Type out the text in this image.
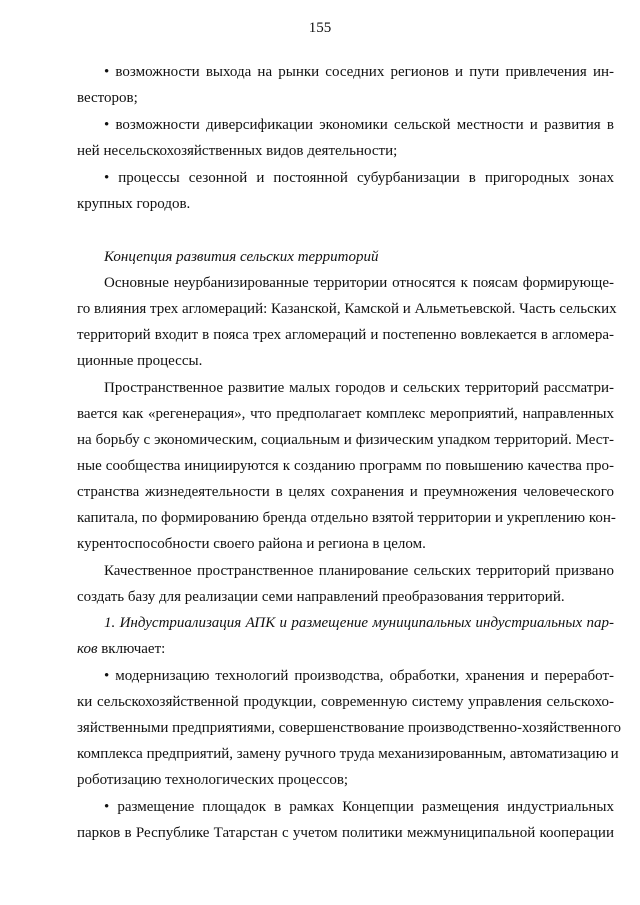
155
• возможности выхода на рынки соседних регионов и пути привлечения ин-
весторов;
• возможности диверсификации экономики сельской местности и развития в
ней несельскохозяйственных видов деятельности;
• процессы сезонной и постоянной субурбанизации в пригородных зонах
крупных городов.
Концепция развития сельских территорий
Основные неурбанизированные территории относятся к поясам формирующе-
го влияния трех агломераций: Казанской, Камской и Альметьевской. Часть сельских
территорий входит в пояса трех агломераций и постепенно вовлекается в агломера-
ционные процессы.
Пространственное развитие малых городов и сельских территорий рассматри-
вается как «регенерация», что предполагает комплекс мероприятий, направленных
на борьбу с экономическим, социальным и физическим упадком территорий. Мест-
ные сообщества инициируются к созданию программ по повышению качества про-
странства жизнедеятельности в целях сохранения и преумножения человеческого
капитала, по формированию бренда отдельно взятой территории и укреплению кон-
курентоспособности своего района и региона в целом.
Качественное пространственное планирование сельских территорий призвано
создать базу для реализации семи направлений преобразования территорий.
1. Индустриализация АПК и размещение муниципальных индустриальных пар-
ков включает:
• модернизацию технологий производства, обработки, хранения и переработ-
ки сельскохозяйственной продукции, современную систему управления сельскохо-
зяйственными предприятиями, совершенствование производственно-хозяйственного
комплекса предприятий, замену ручного труда механизированным, автоматизацию и
роботизацию технологических процессов;
• размещение площадок в рамках Концепции размещения индустриальных
парков в Республике Татарстан с учетом политики межмуниципальной кооперации
